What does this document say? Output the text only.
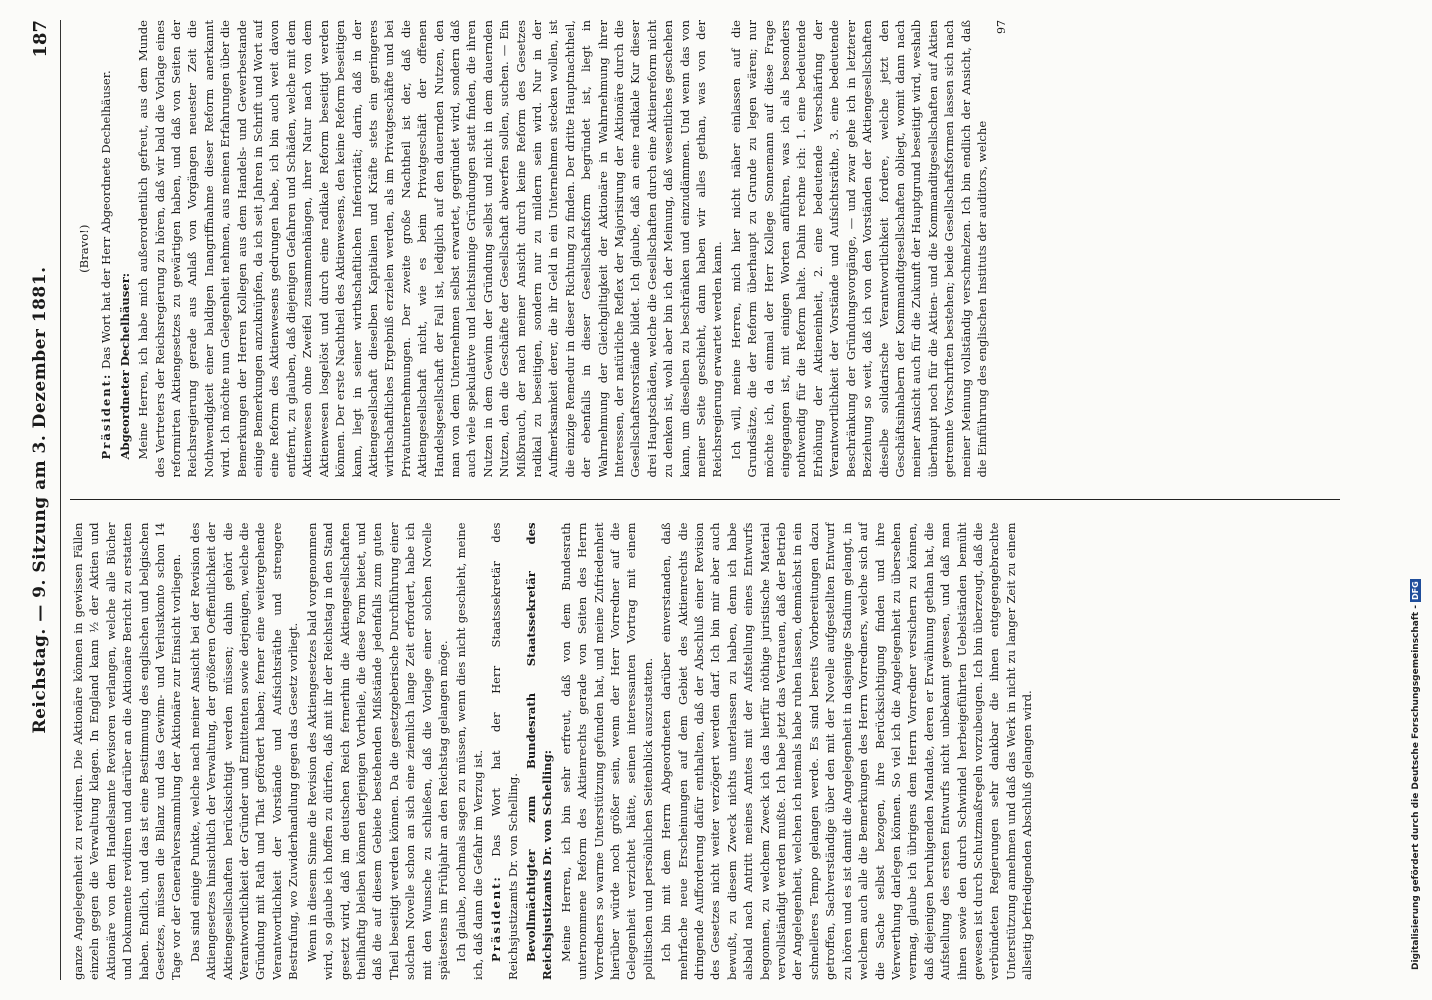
Reichstag. — 9. Sitzung am 3. Dezember 1881.
187

ganze Angelegenheit zu revidiren. Die Aktionäre können in gewissen Fällen einzeln gegen die Verwaltung klagen. In England kann ½ der Aktien und Aktionäre von dem Handelsamte Revisoren verlangen, welche alle Bücher und Dokumente revidiren und darüber an die Aktionäre Bericht zu erstatten haben. Endlich, und das ist eine Bestimmung des englischen und belgischen Gesetzes, müssen die Bilanz und das Gewinn- und Verlustkonto schon 14 Tage vor der Generalversammlung der Aktionäre zur Einsicht vorliegen. Das sind einige Punkte, welche nach meiner Ansicht bei der Revision des Aktiengesetzes hinsichtlich der Verwaltung, der größeren Oeffentlichkeit der Aktiengesellschaften berücksichtigt werden müssen; dahin gehört die Verantwortlichkeit der Gründer und Emittenten sowie derjenigen, welche die Gründung mit Rath und That gefördert haben; ferner eine weitergehende Verantwortlichkeit der Vorstände und Aufsichtsräthe und strengere Bestrafung, wo Zuwiderhandlung gegen das Gesetz vorliegt. Wenn in diesem Sinne die Revision des Aktiengesetzes bald vorgenommen wird, so glaube ich hoffen zu dürfen, daß mit ihr der Reichstag in den Stand gesetzt wird, daß im deutschen Reich fernerhin die Aktiengesellschaften theilhaftig bleiben können derjenigen Vortheile, die diese Form bietet, und daß die auf diesem Gebiete bestehenden Mißstände jedenfalls zum guten Theil beseitigt werden können. Da die gesetzgeberische Durchführung einer solchen Novelle schon an sich eine ziemlich lange Zeit erfordert, habe ich mit den Wunsche zu schließen, daß die Vorlage einer solchen Novelle spätestens im Frühjahr an den Reichstag gelangen möge. Ich glaube, nochmals sagen zu müssen, wenn dies nicht geschieht, meine ich, daß dann die Gefahr im Verzug ist. Präsident: Das Wort hat der Herr Staatssekretär des Reichsjustizamts Dr. von Schelling. Bevollmächtigter zum Bundesrath Staatssekretär des Reichsjustizamts Dr. von Schelling: Meine Herren, ich bin sehr erfreut, daß von dem Bundesrath unternommene Reform des Aktienrechts gerade von Seiten des Herrn Vorredners so warme Unterstützung gefunden hat, und meine Zufriedenheit hierüber würde noch größer sein, wenn der Herr Vorredner auf die Gelegenheit verzichtet hätte, seinen interessanten Vortrag mit einem politischen und persönlichen Seitenblick auszustatten. Ich bin mit dem Herrn Abgeordneten darüber einverstanden, daß mehrfache neue Erscheinungen auf dem Gebiet des Aktienrechts die dringende Aufforderung dafür enthalten, daß der Abschluß einer Revision des Gesetzes nicht weiter verzögert werden darf. Ich bin mir aber auch bewußt, zu diesem Zweck nichts unterlassen zu haben, denn ich habe alsbald nach Antritt meines Amtes mit der Aufstellung eines Entwurfs begonnen, zu welchem Zweck ich das hierfür nöthige juristische Material vervollständigt werden mußte. Ich habe jetzt das Vertrauen, daß der Betrieb der Angelegenheit, welchen ich niemals habe ruhen lassen, demnächst in ein schnelleres Tempo gelangen werde. Es sind bereits Vorbereitungen dazu getroffen, Sachverständige über den mit der Novelle aufgestellten Entwurf zu hören und es ist damit die Angelegenheit in dasjenige Stadium gelangt, in welchem auch alle die Bemerkungen des Herrn Vorredners, welche sich auf die Sache selbst bezogen, ihre Berücksichtigung finden und ihre Verwerthung darlegen können. So viel ich die Angelegenheit zu übersehen vermag, glaube ich übrigens dem Herrn Vorredner versichern zu können, daß diejenigen beruhigenden Mandate, deren er Erwähnung gethan hat, die Aufstellung des ersten Entwurfs nicht unbekannt gewesen, und daß man ihnen sowie den durch Schwindel herbeigeführten Uebelständen bemüht gewesen ist durch Schutzmaßregeln vorzubeugen. Ich bin überzeugt, daß die verbündeten Regierungen sehr dankbar die ihnen entgegengebrachte Unterstützung annehmen und daß das Werk in nicht zu langer Zeit zu einem allseitig befriedigenden Abschluß gelangen wird.

(Bravo!)

Präsident: Das Wort hat der Herr Abgeordnete Dechelhäuser. Abgeordneter Dechelhäuser: Meine Herren, ich habe mich außerordentlich gefreut, aus dem Munde des Vertreters der Reichsregierung zu hören, daß wir bald die Vorlage eines reformirten Aktiengesetzes zu gewärtigen haben, und daß von Seiten der Reichsregierung gerade aus Anlaß von Vorgängen neuester Zeit die Nothwendigkeit einer baldigen Inangriffnahme dieser Reform anerkannt wird. Ich möchte nun Gelegenheit nehmen, aus meinen Erfahrungen über die Bemerkungen der Herren Kollegen aus dem Handels- und Gewerbestande einige Bemerkungen anzuknüpfen, da ich seit Jahren in Schrift und Wort auf eine Reform des Aktienwesens gedrungen habe, ich bin auch weit davon entfernt, zu glauben, daß diejenigen Gefahren und Schäden, welche mit dem Aktienwesen ohne Zweifel zusammenhängen, ihrer Natur nach von dem Aktienwesen losgelöst und durch eine radikale Reform beseitigt werden können. Der erste Nachtheil des Aktienwesens, den keine Reform beseitigen kann, liegt in seiner wirthschaftlichen Inferiorität; darin, daß in der Aktiengesellschaft dieselben Kapitalien und Kräfte stets ein geringeres wirthschaftliches Ergebniß erzielen werden, als im Privatgeschäfte und bei Privatunternehmungen. Der zweite große Nachtheil ist der, daß die Aktiengesellschaft nicht, wie es beim Privatgeschäft der offenen Handelsgesellschaft der Fall ist, lediglich auf den dauernden Nutzen, den man von dem Unternehmen selbst erwartet, gegründet wird, sondern daß auch viele spekulative und leichtsinnige Gründungen statt finden, die ihren Nutzen in dem Gewinn der Gründung selbst und nicht in dem dauernden Nutzen, den die Geschäfte der Gesellschaft abwerfen sollen, suchen. — Ein Mißbrauch, der nach meiner Ansicht durch keine Reform des Gesetzes radikal zu beseitigen, sondern nur zu mildern sein wird. Nur in der Aufmerksamkeit derer, die ihr Geld in ein Unternehmen stecken wollen, ist die einzige Remedur in dieser Richtung zu finden. Der dritte Hauptnachtheil, der ebenfalls in dieser Gesellschaftsform begründet ist, liegt in Wahrnehmung der Gleichgiltigkeit der Aktionäre in Wahrnehmung ihrer Interessen, der natürliche Reflex der Majorisirung der Aktionäre durch die Gesellschaftsvorstände bildet. Ich glaube, daß an eine radikale Kur dieser drei Hauptschäden, welche die Gesellschaften durch eine Aktienreform nicht zu denken ist, wohl aber bin ich der Meinung, daß wesentliches geschehen kann, um dieselben zu beschränken und einzudämmen. Und wenn das von meiner Seite geschieht, dann haben wir alles gethan, was von der Reichsregierung erwartet werden kann. Ich will, meine Herren, mich hier nicht näher einlassen auf die Grundsätze, die der Reform überhaupt zu Grunde zu legen wären; nur möchte ich, da einmal der Herr Kollege Sonnemann auf diese Frage eingegangen ist, mit einigen Worten anführen, was ich als besonders nothwendig für die Reform halte. Dahin rechne ich: 1. eine bedeutende Erhöhung der Aktieneinheit, 2. eine bedeutende Verschärfung der Verantwortlichkeit der Vorstände und Aufsichtsräthe, 3. eine bedeutende Beschränkung der Gründungsvorgänge, — und zwar gehe ich in letzterer Beziehung so weit, daß ich von den Vorständen der Aktiengesellschaften dieselbe solidarische Verantwortlichkeit fordere, welche jetzt den Geschäftsinhabern der Kommanditgesellschaften obliegt, womit dann nach meiner Ansicht auch für die Zukunft der Hauptgrund beseitigt wird, weshalb überhaupt noch für die Aktien- und die Kommanditgesellschaften auf Aktien getrennte Vorschriften bestehen; beide Gesellschaftsformen lassen sich nach meiner Meinung vollständig verschmelzen. Ich bin endlich der Ansicht, daß die Einführung des englischen Instituts der auditors, welche

97

Digitalisierung gefördert durch die Deutsche Forschungsgemeinschaft - DFG
